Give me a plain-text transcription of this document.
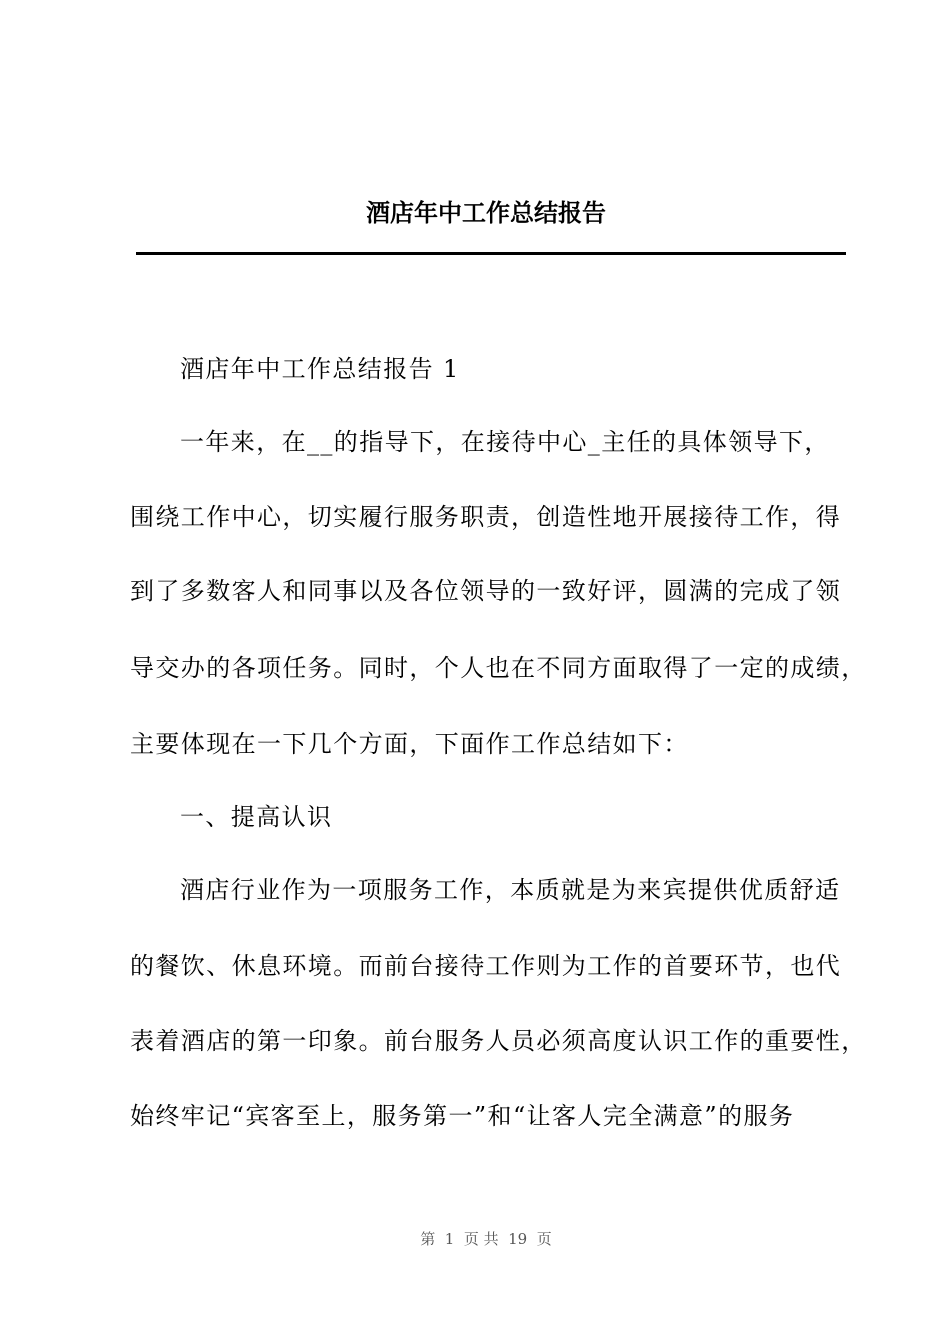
酒店年中工作总结报告
酒店年中工作总结报告 1
一年来，在__的指导下，在接待中心_主任的具体领导下，
围绕工作中心，切实履行服务职责，创造性地开展接待工作，得
到了多数客人和同事以及各位领导的一致好评，圆满的完成了领
导交办的各项任务。同时，个人也在不同方面取得了一定的成绩，
主要体现在一下几个方面，下面作工作总结如下：
一、提高认识
酒店行业作为一项服务工作，本质就是为来宾提供优质舒适
的餐饮、休息环境。而前台接待工作则为工作的首要环节，也代
表着酒店的第一印象。前台服务人员必须高度认识工作的重要性，
始终牢记“宾客至上，服务第一”和“让客人完全满意”的服务
第  1  页 共  19  页
